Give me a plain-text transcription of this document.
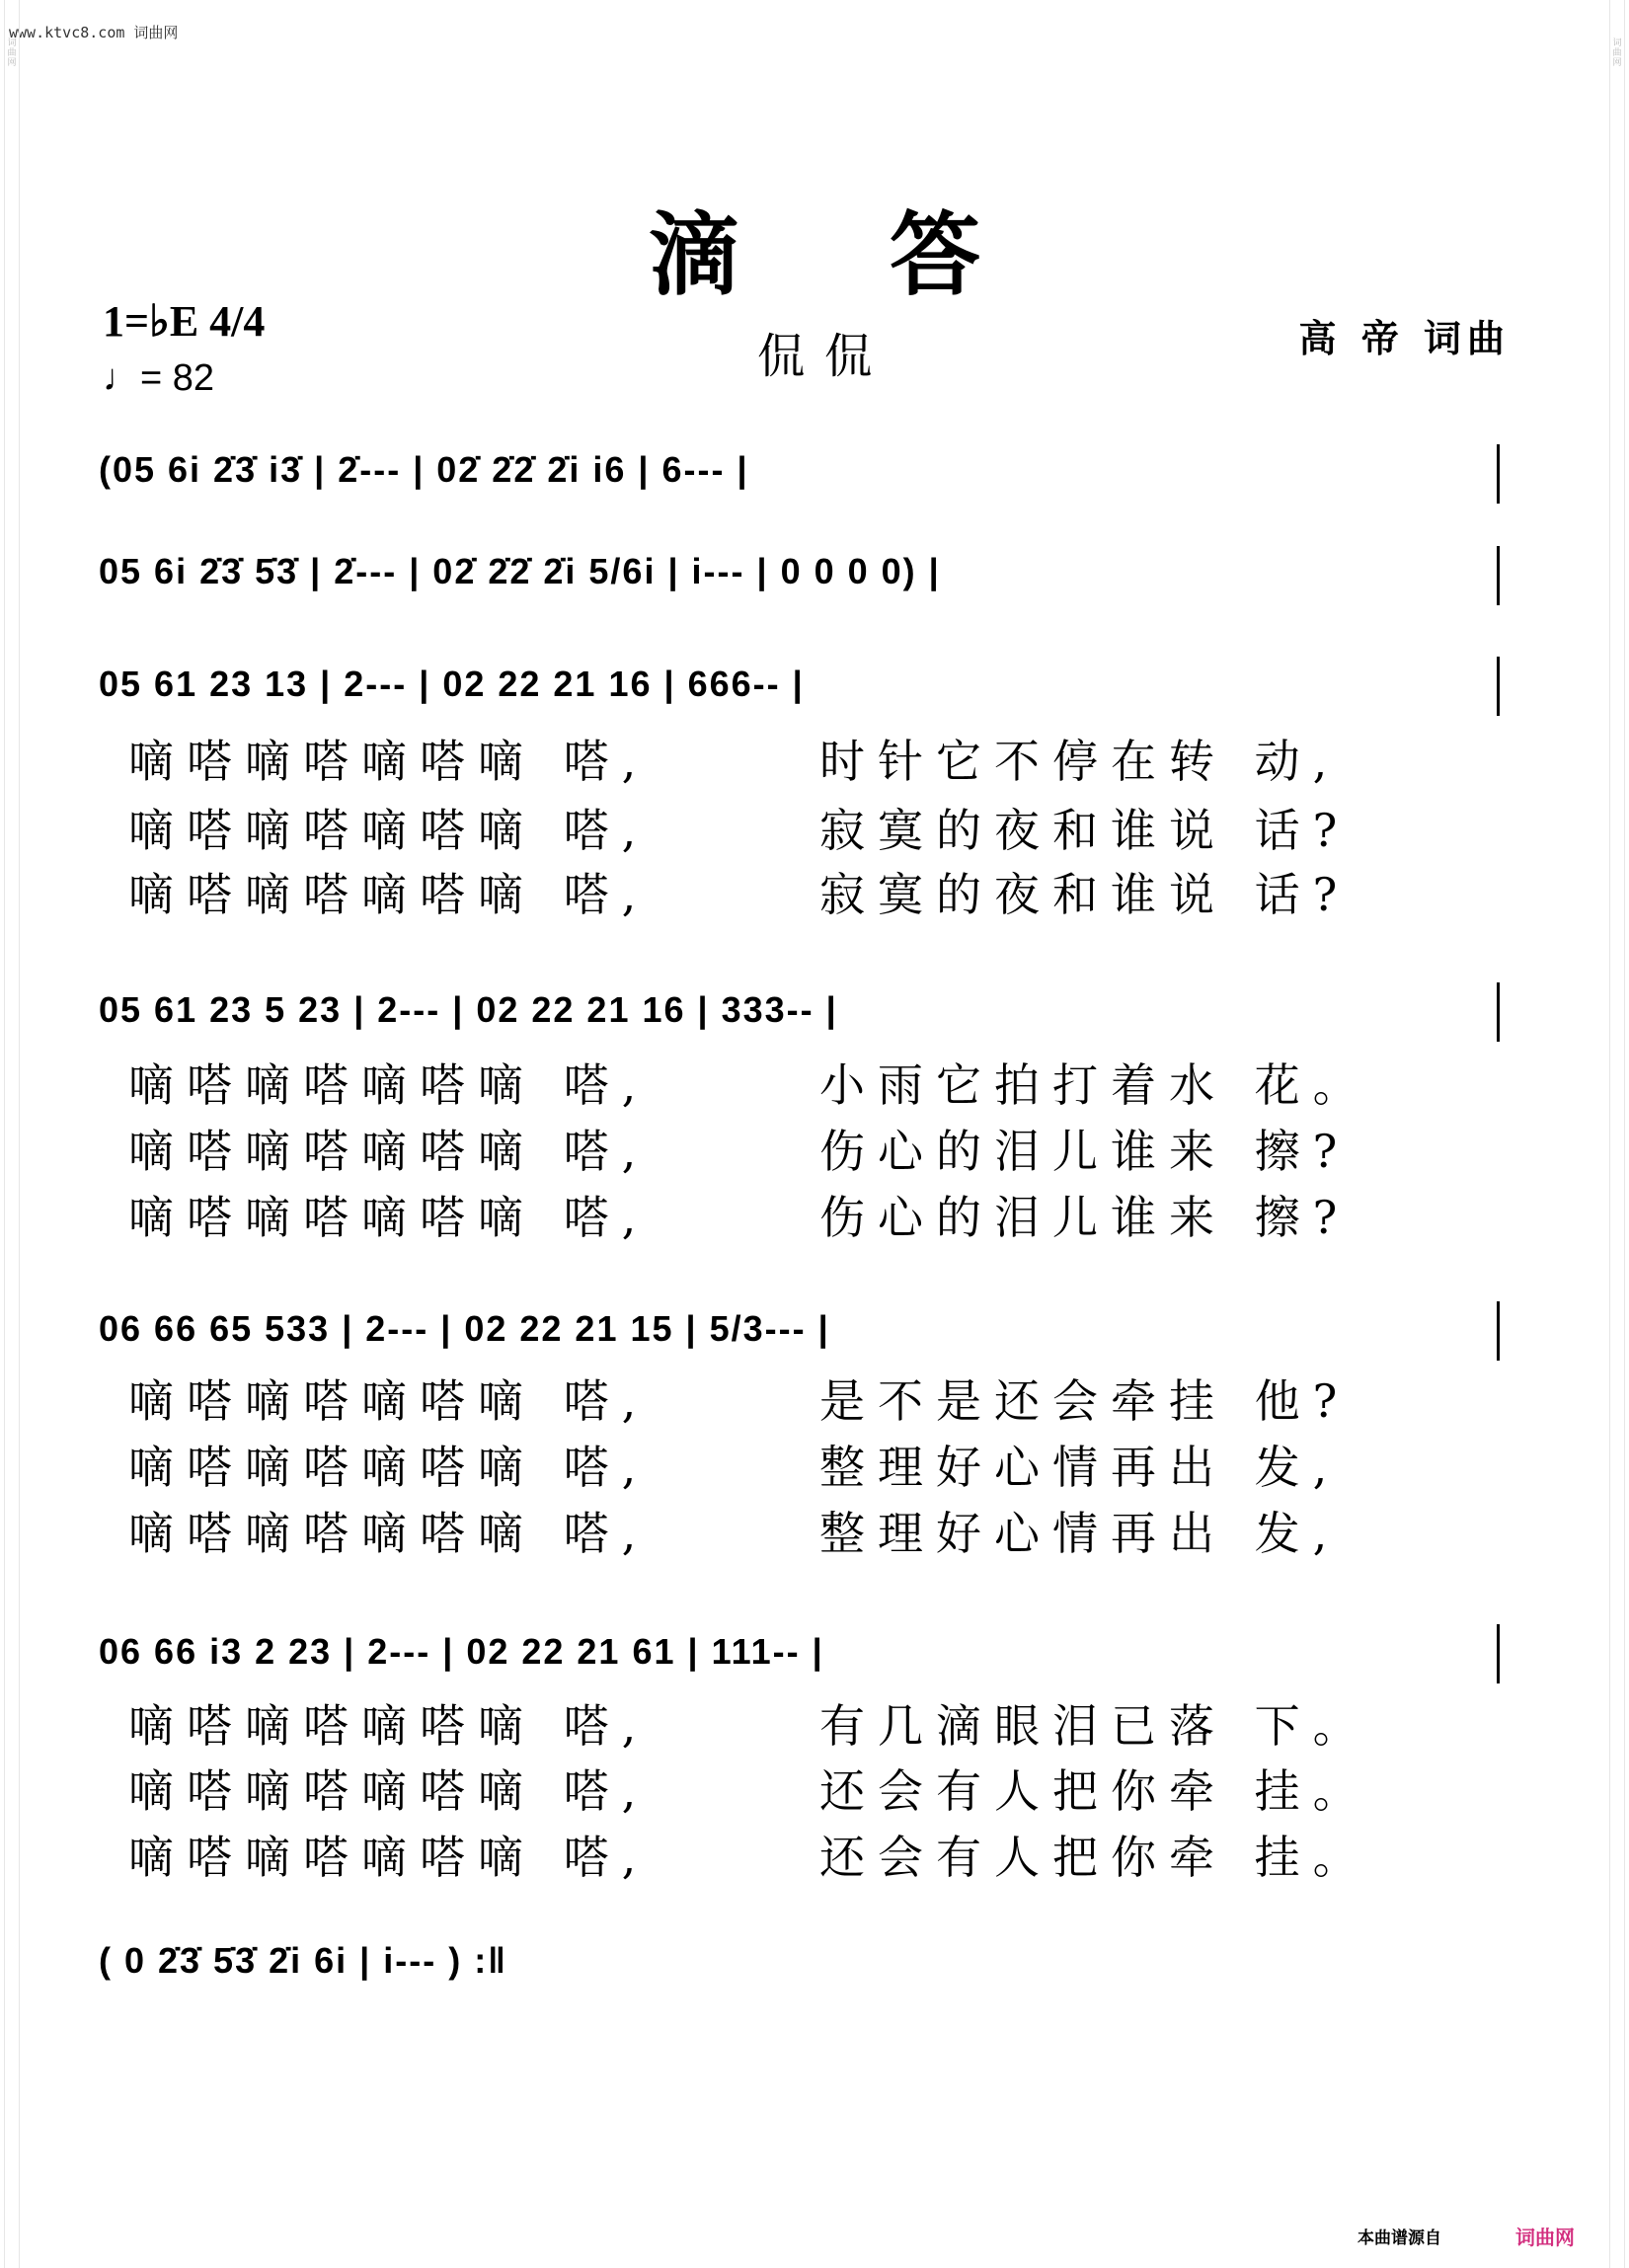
www.ktvc8.com 词曲网
词曲网
词曲网
滴 答
1=♭E 4/4
♩= 82	侃侃	高 帝 词曲
(05 6i 2̇3̇ i3̇ | 2̇--- | 02̇ 2̇2̇ 2̇i i6 | 6--- |
05 6i 2̇3̇ 5̇3̇ | 2̇--- | 02̇ 2̇2̇ 2̇i 5/6i | i--- | 0 0 0 0) |
05 61 23 13 | 2--- | 02 22 21 16 | 666-- |
嘀嗒嘀嗒嘀嗒嘀 嗒,	时针它不停在转 动,
嘀嗒嘀嗒嘀嗒嘀 嗒,	寂寞的夜和谁说 话?
嘀嗒嘀嗒嘀嗒嘀 嗒,	寂寞的夜和谁说 话?
05 61 23 5 23 | 2--- | 02 22 21 16 | 333-- |
嘀嗒嘀嗒嘀嗒嘀 嗒,	小雨它拍打着水 花。
嘀嗒嘀嗒嘀嗒嘀 嗒,	伤心的泪儿谁来 擦?
嘀嗒嘀嗒嘀嗒嘀 嗒,	伤心的泪儿谁来 擦?
06 66 65 533 | 2--- | 02 22 21 15 | 5/3--- |
嘀嗒嘀嗒嘀嗒嘀 嗒,	是不是还会牵挂 他?
嘀嗒嘀嗒嘀嗒嘀 嗒,	整理好心情再出 发,
嘀嗒嘀嗒嘀嗒嘀 嗒,	整理好心情再出 发,
06 66 i3 2 23 | 2--- | 02 22 21 61 | 111-- |
嘀嗒嘀嗒嘀嗒嘀 嗒,	有几滴眼泪已落 下。
嘀嗒嘀嗒嘀嗒嘀 嗒,	还会有人把你牵 挂。
嘀嗒嘀嗒嘀嗒嘀 嗒,	还会有人把你牵 挂。
( 0 2̇3̇ 5̇3̇ 2̇i 6i | i--- ) :‖
本曲谱源自	词曲网
